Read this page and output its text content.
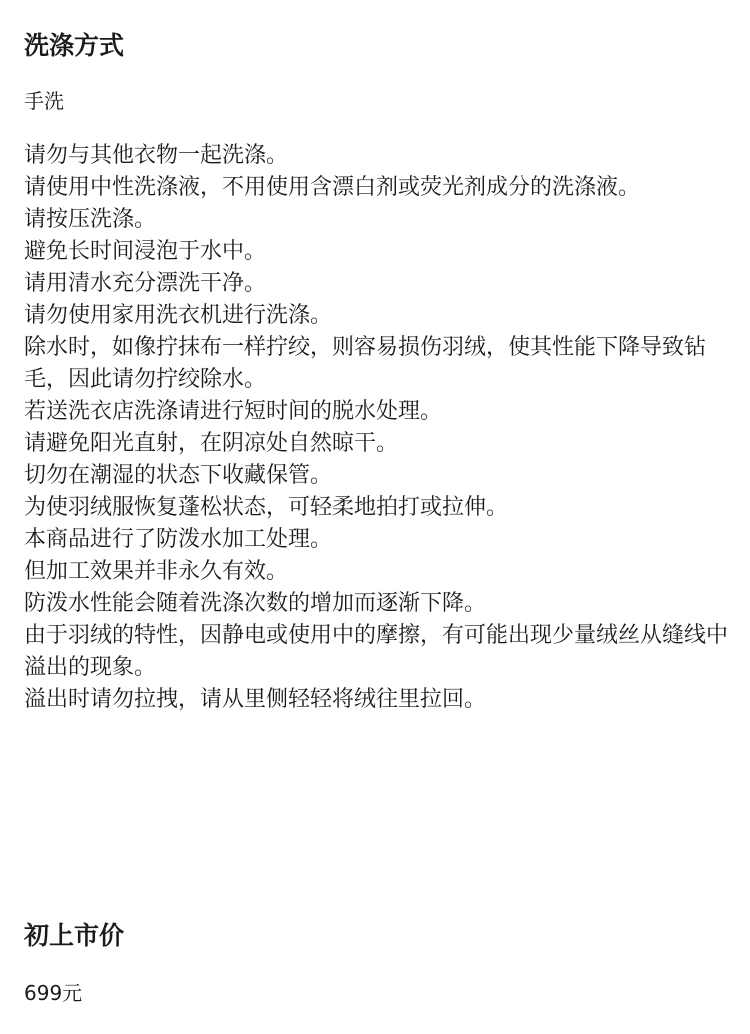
洗涤方式

手洗

请勿与其他衣物一起洗涤。
请使用中性洗涤液，不用使用含漂白剂或荧光剂成分的洗涤液。
请按压洗涤。
避免长时间浸泡于水中。
请用清水充分漂洗干净。
请勿使用家用洗衣机进行洗涤。
除水时，如像拧抹布一样拧绞，则容易损伤羽绒，使其性能下降导致钻毛，因此请勿拧绞除水。
若送洗衣店洗涤请进行短时间的脱水处理。
请避免阳光直射，在阴凉处自然晾干。
切勿在潮湿的状态下收藏保管。
为使羽绒服恢复蓬松状态，可轻柔地拍打或拉伸。
本商品进行了防泼水加工处理。
但加工效果并非永久有效。
防泼水性能会随着洗涤次数的增加而逐渐下降。
由于羽绒的特性，因静电或使用中的摩擦，有可能出现少量绒丝从缝线中溢出的现象。
溢出时请勿拉拽，请从里侧轻轻将绒往里拉回。
初上市价

699元
